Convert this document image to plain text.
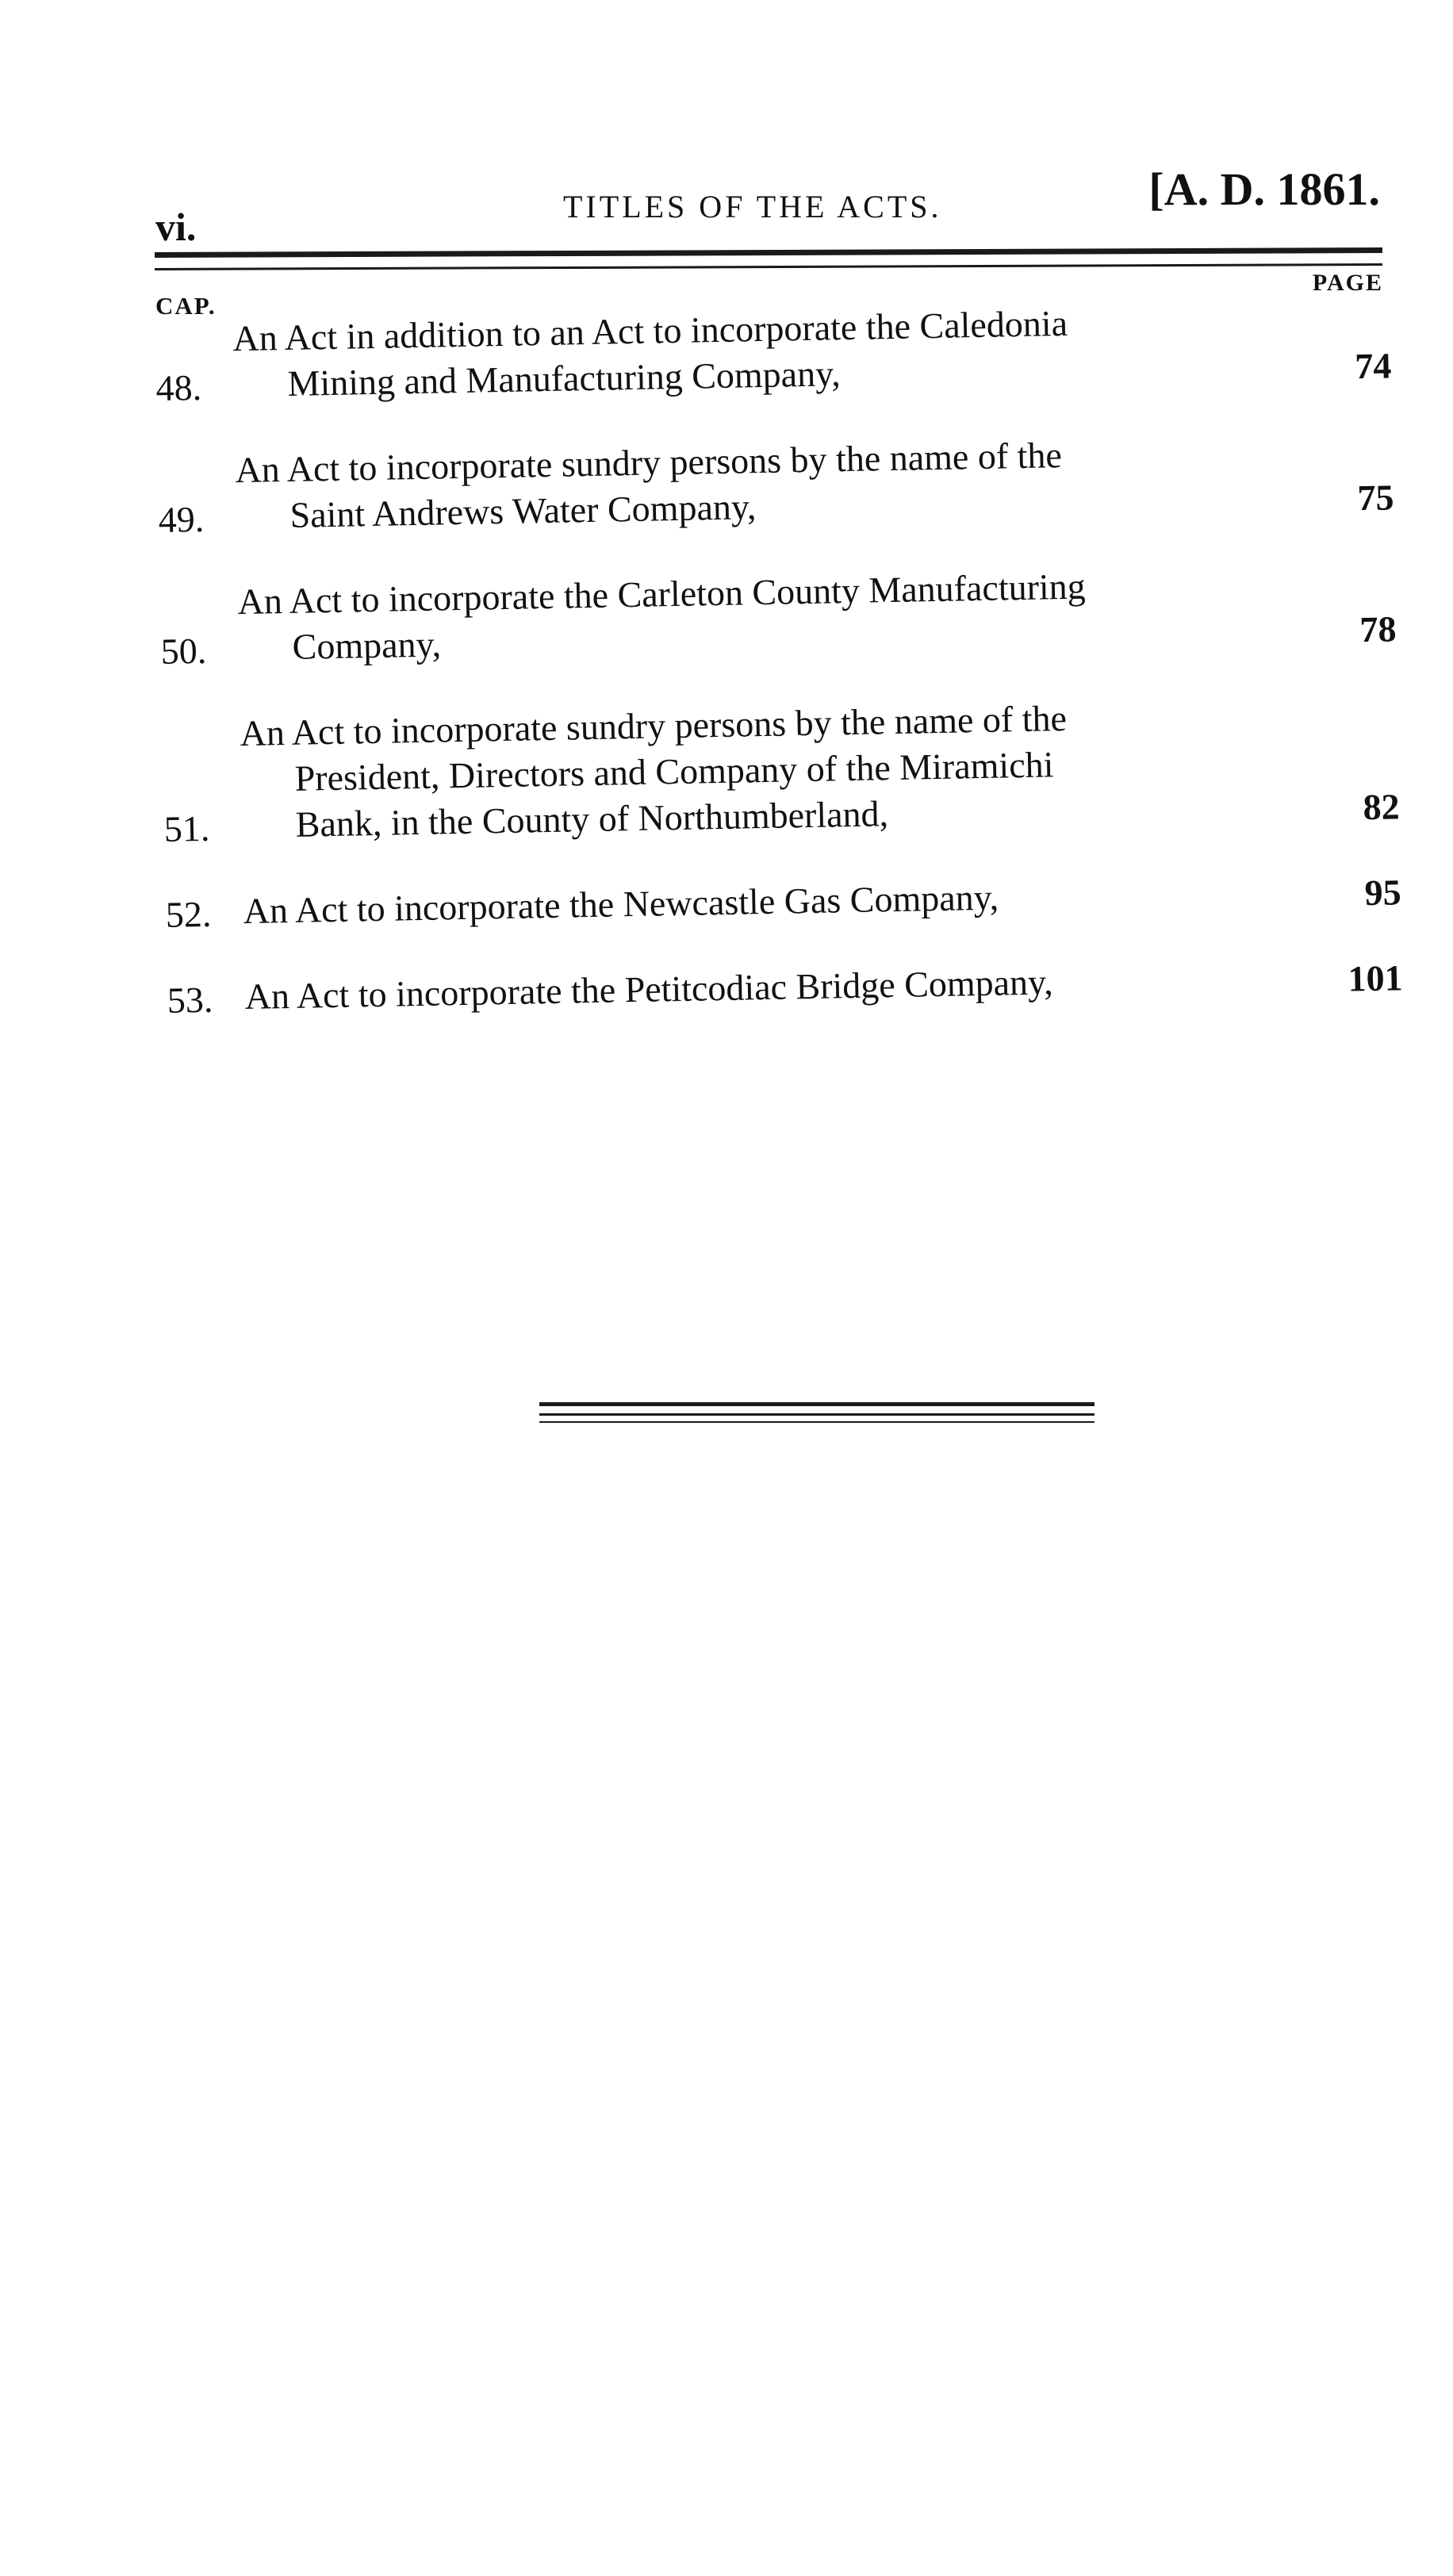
vi.	TITLES OF THE ACTS.	[A. D. 1861.
PAGE
CAP.
48.
An Act in addition to an Act to incorporate the Caledonia
Mining and Manufacturing Company,	74
49.
An Act to incorporate sundry persons by the name of the
Saint Andrews Water Company,	75
50.
An Act to incorporate the Carleton County Manufacturing
Company,	78
51.
An Act to incorporate sundry persons by the name of the
President, Directors and Company of the Miramichi
Bank, in the County of Northumberland,	82
52. An Act to incorporate the Newcastle Gas Company,	95
53. An Act to incorporate the Petitcodiac Bridge Company,	101
